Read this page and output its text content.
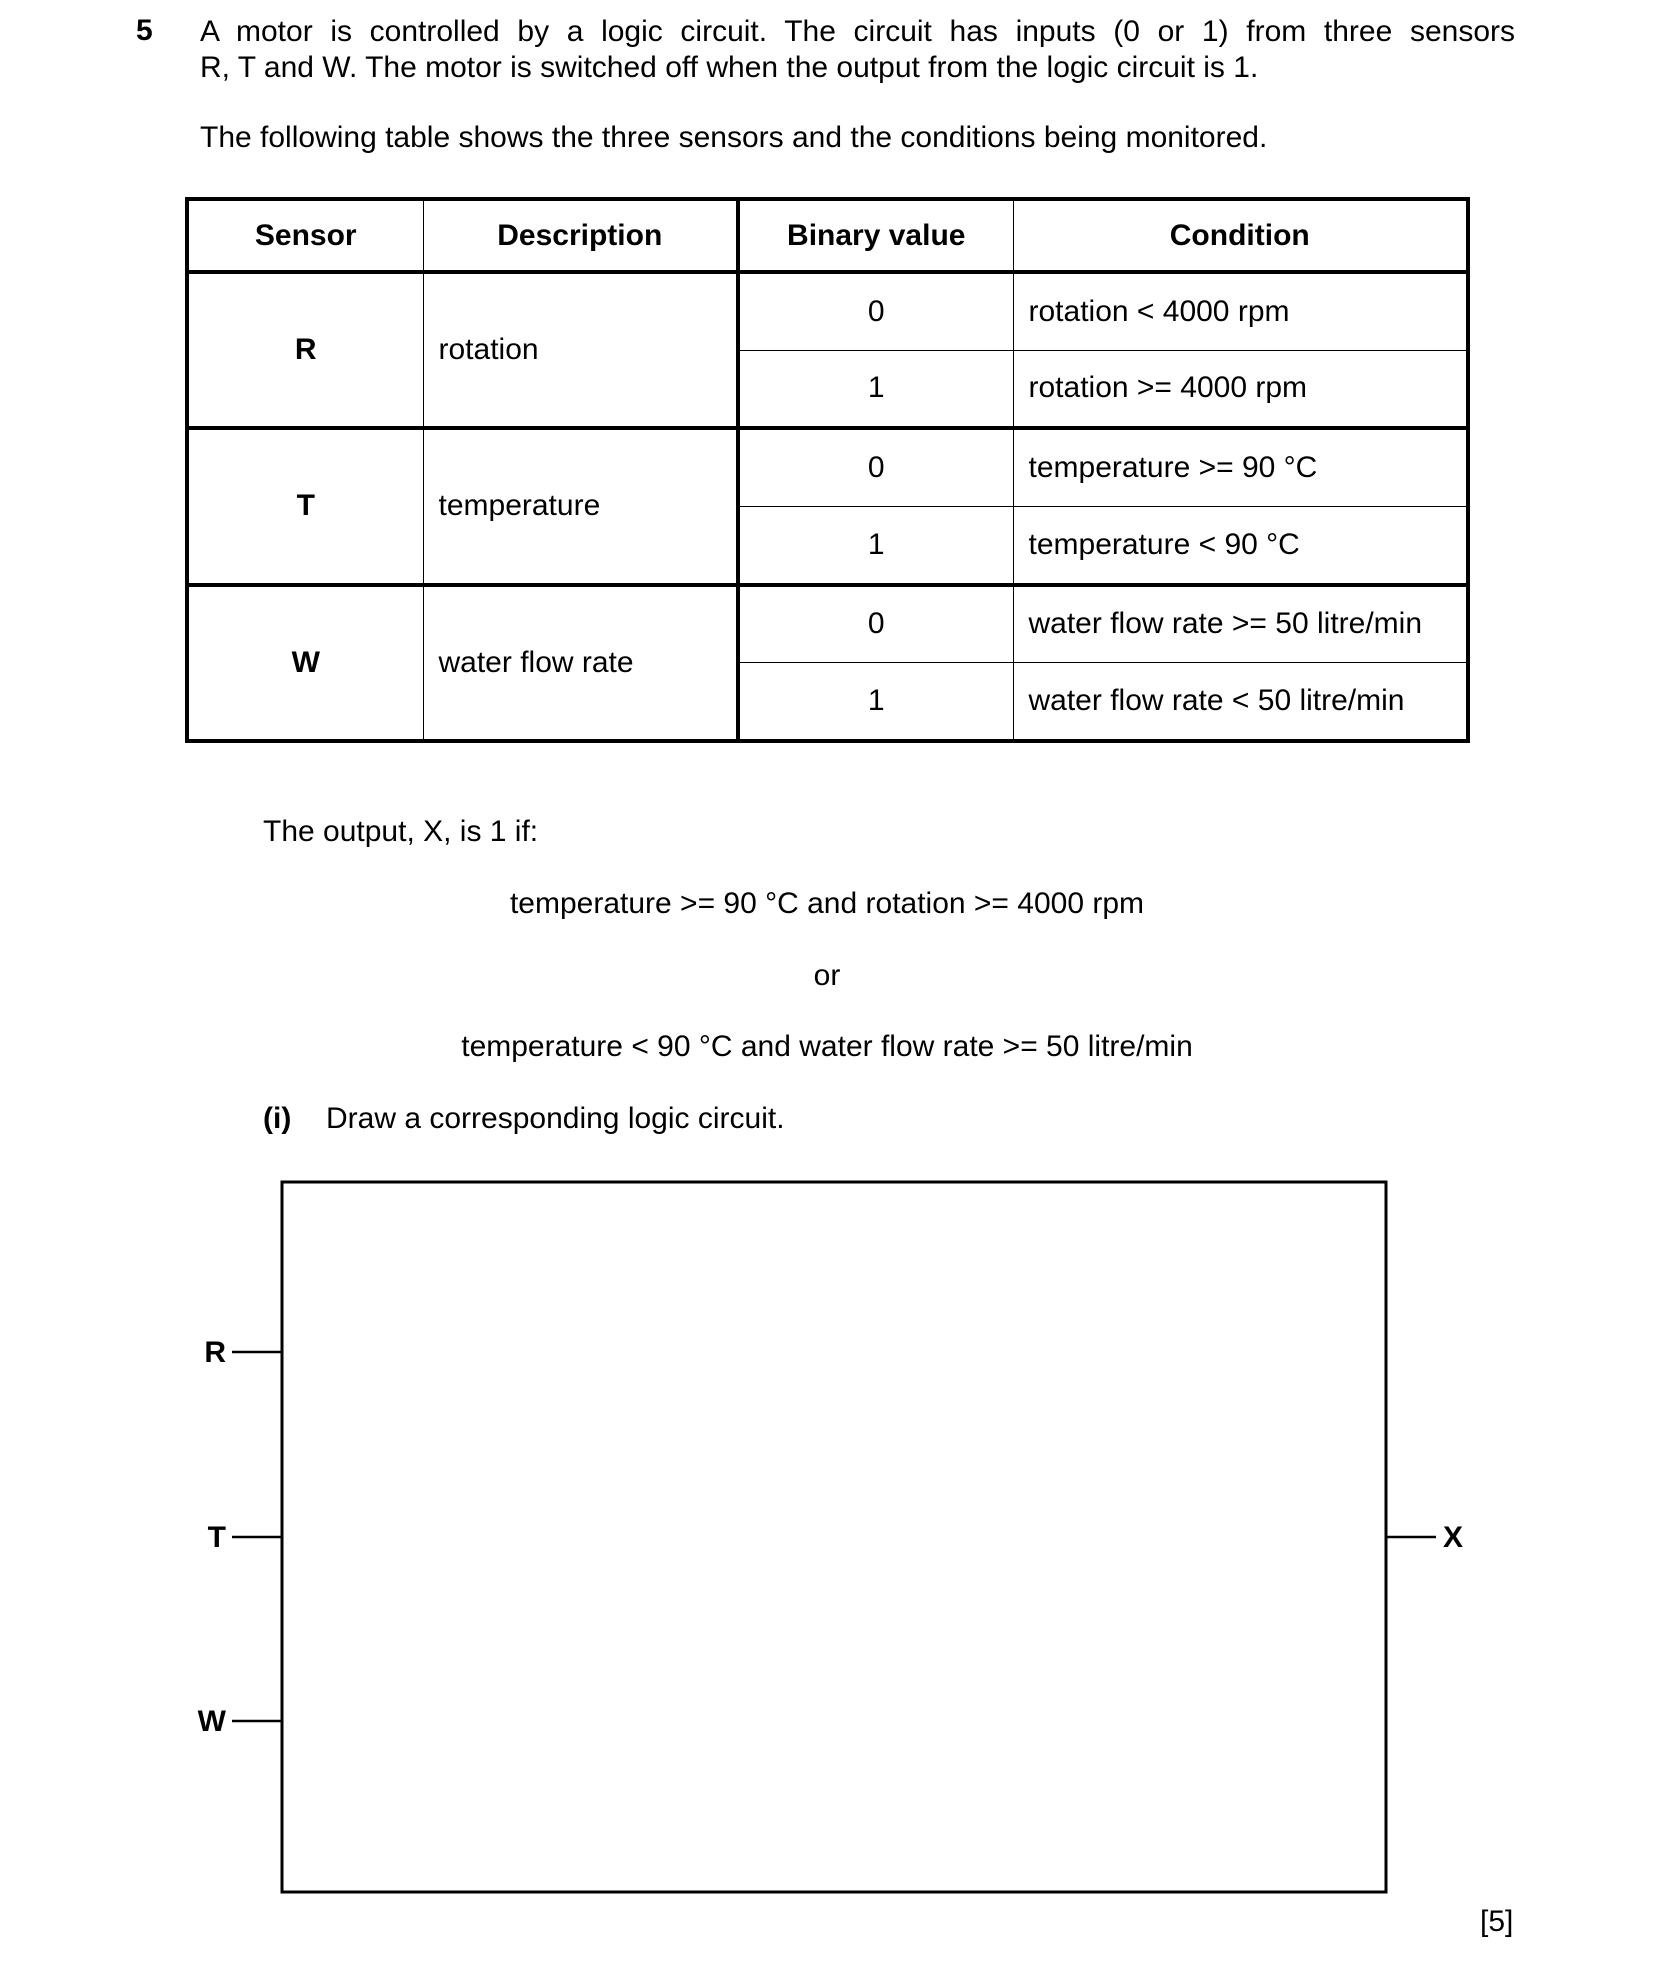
5 A motor is controlled by a logic circuit. The circuit has inputs (0 or 1) from three sensors
R, T and W. The motor is switched off when the output from the logic circuit is 1.
The following table shows the three sensors and the conditions being monitored.
Sensor	Description	Binary value	Condition
R	rotation	0	rotation < 4000 rpm
		1	rotation >= 4000 rpm
T	temperature	0	temperature >= 90 °C
		1	temperature < 90 °C
W	water flow rate	0	water flow rate >= 50 litre/min
		1	water flow rate < 50 litre/min
The output, X, is 1 if:
temperature >= 90 °C and rotation >= 4000 rpm
or
temperature < 90 °C and water flow rate >= 50 litre/min
(i) Draw a corresponding logic circuit.
R
T
W
X
[5]
